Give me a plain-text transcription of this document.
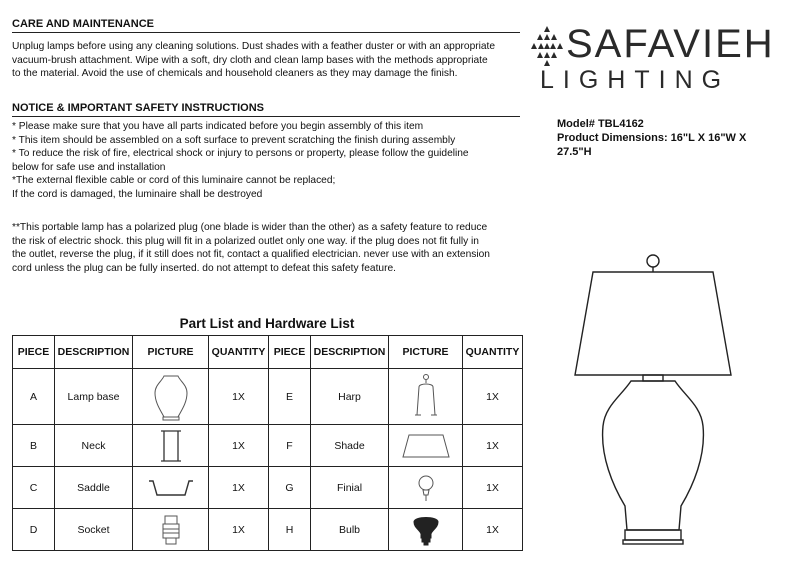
CARE AND MAINTENANCE
Unplug lamps before using any cleaning solutions. Dust shades with a feather duster or with an appropriate
vacuum-brush attachment. Wipe with a soft, dry cloth and clean lamp bases with the methods appropriate
to the material. Avoid the use of chemicals and household cleaners as they may damage the finish.
NOTICE & IMPORTANT SAFETY INSTRUCTIONS
* Please make sure that you have all parts indicated before you begin assembly of this item
* This item should be assembled on a soft surface to prevent scratching the finish during assembly
* To reduce the risk of fire, electrical shock or injury to persons or property, please follow the guideline
below for safe use and installation
*The external flexible cable or cord of this luminaire cannot be replaced;
If the cord is damaged, the luminaire shall be destroyed
**This portable lamp has a polarized plug (one blade is wider than the other) as a safety feature to reduce
the risk of electric shock. this plug will fit in a polarized outlet only one way. if the plug does not fit fully in
the outlet, reverse the plug, if it still does not fit, contact a qualified electrician. never use with an extension
cord unless the plug can be fully inserted. do not attempt to defeat this safety feature.
SAFAVIEH
LIGHTING
Model# TBL4162
Product Dimensions: 16"L X 16"W X
27.5"H
Part List and Hardware List
PIECE	DESCRIPTION	PICTURE	QUANTITY	PIECE	DESCRIPTION	PICTURE	QUANTITY
A	Lamp base		1X	E	Harp		1X
B	Neck		1X	F	Shade		1X
C	Saddle		1X	G	Finial		1X
D	Socket		1X	H	Bulb		1X
